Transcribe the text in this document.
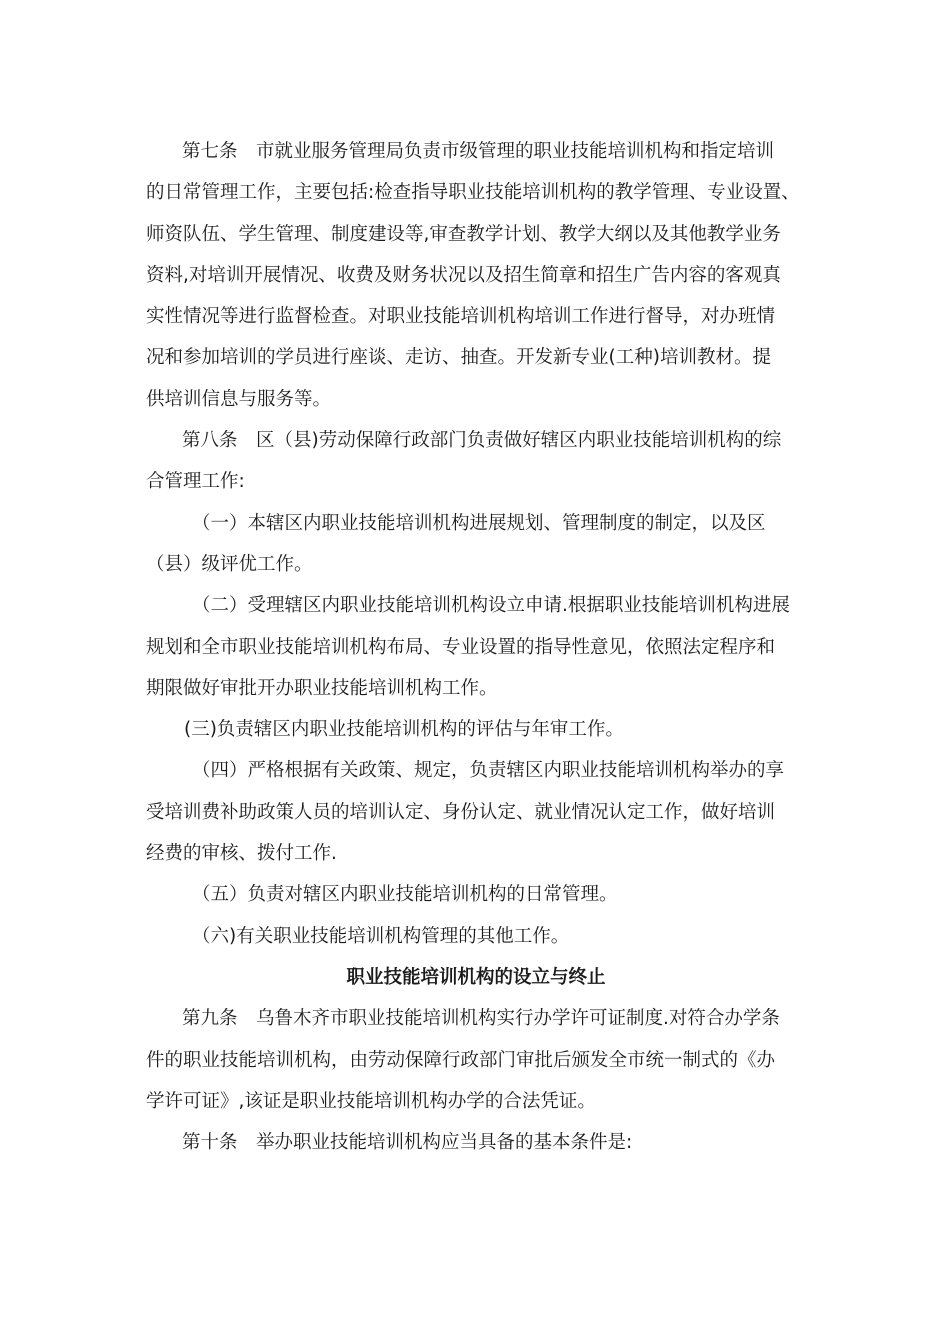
第七条　市就业服务管理局负责市级管理的职业技能培训机构和指定培训
的日常管理工作，主要包括:检查指导职业技能培训机构的教学管理、专业设置、
师资队伍、学生管理、制度建设等,审查教学计划、教学大纲以及其他教学业务
资料,对培训开展情况、收费及财务状况以及招生简章和招生广告内容的客观真
实性情况等进行监督检查。对职业技能培训机构培训工作进行督导，对办班情
况和参加培训的学员进行座谈、走访、抽查。开发新专业(工种)培训教材。提
供培训信息与服务等。
第八条　区（县)劳动保障行政部门负责做好辖区内职业技能培训机构的综
合管理工作:
（一）本辖区内职业技能培训机构进展规划、管理制度的制定，以及区
（县）级评优工作。
（二）受理辖区内职业技能培训机构设立申请.根据职业技能培训机构进展
规划和全市职业技能培训机构布局、专业设置的指导性意见，依照法定程序和
期限做好审批开办职业技能培训机构工作。
(三)负责辖区内职业技能培训机构的评估与年审工作。
（四）严格根据有关政策、规定，负责辖区内职业技能培训机构举办的享
受培训费补助政策人员的培训认定、身份认定、就业情况认定工作，做好培训
经费的审核、拨付工作.
（五）负责对辖区内职业技能培训机构的日常管理。
（六)有关职业技能培训机构管理的其他工作。
职业技能培训机构的设立与终止
第九条　乌鲁木齐市职业技能培训机构实行办学许可证制度.对符合办学条
件的职业技能培训机构，由劳动保障行政部门审批后颁发全市统一制式的《办
学许可证》,该证是职业技能培训机构办学的合法凭证。
第十条　举办职业技能培训机构应当具备的基本条件是:
